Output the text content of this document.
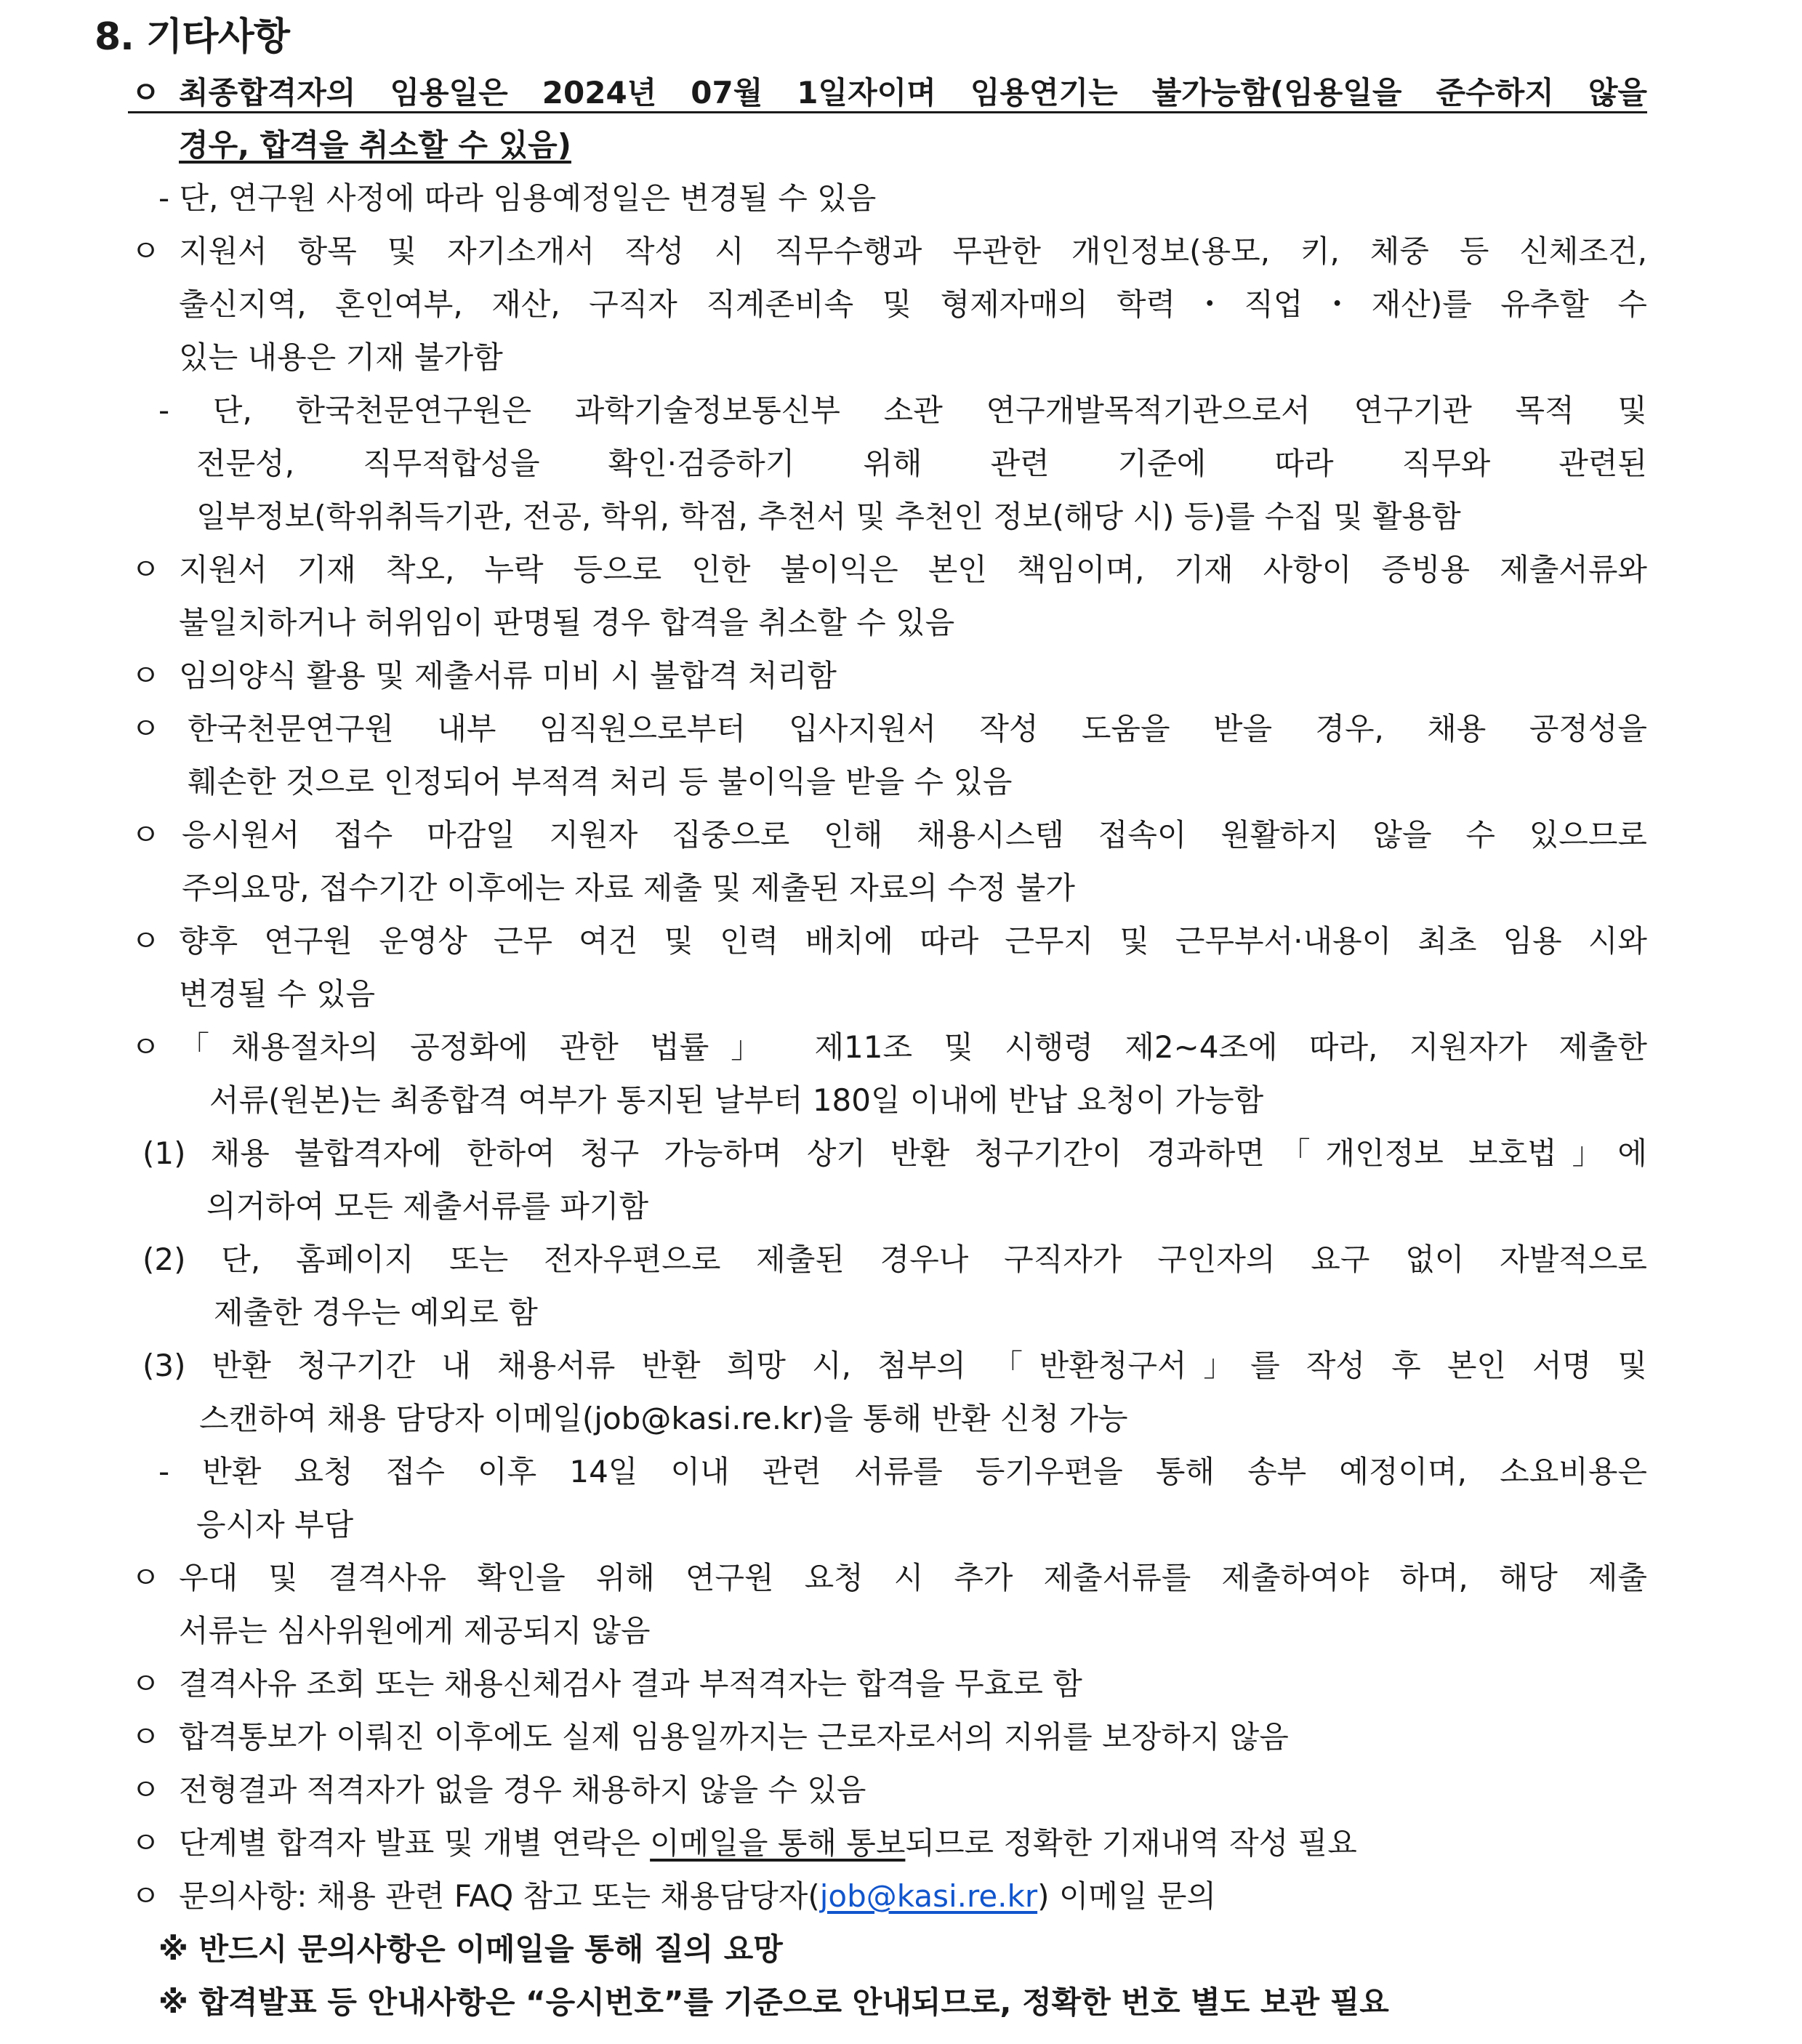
8. 기타사항
ㅇ 최종합격자의 임용일은 2024년 07월 1일자이며 임용연기는 불가능함(임용일을 준수하지 않을
경우, 합격을 취소할 수 있음)
- 단, 연구원 사정에 따라 임용예정일은 변경될 수 있음
ㅇ 지원서 항목 및 자기소개서 작성 시 직무수행과 무관한 개인정보(용모, 키, 체중 등 신체조건,
출신지역, 혼인여부, 재산, 구직자 직계존비속 및 형제자매의 학력・직업・재산)를 유추할 수
있는 내용은 기재 불가함
- 단, 한국천문연구원은 과학기술정보통신부 소관 연구개발목적기관으로서 연구기관 목적 및
전문성, 직무적합성을 확인·검증하기 위해 관련 기준에 따라 직무와 관련된
일부정보(학위취득기관, 전공, 학위, 학점, 추천서 및 추천인 정보(해당 시) 등)를 수집 및 활용함
ㅇ 지원서 기재 착오, 누락 등으로 인한 불이익은 본인 책임이며, 기재 사항이 증빙용 제출서류와
불일치하거나 허위임이 판명될 경우 합격을 취소할 수 있음
ㅇ 임의양식 활용 및 제출서류 미비 시 불합격 처리함
ㅇ 한국천문연구원 내부 임직원으로부터 입사지원서 작성 도움을 받을 경우, 채용 공정성을
훼손한 것으로 인정되어 부적격 처리 등 불이익을 받을 수 있음
ㅇ 응시원서 접수 마감일 지원자 집중으로 인해 채용시스템 접속이 원활하지 않을 수 있으므로
주의요망, 접수기간 이후에는 자료 제출 및 제출된 자료의 수정 불가
ㅇ 향후 연구원 운영상 근무 여건 및 인력 배치에 따라 근무지 및 근무부서·내용이 최초 임용 시와
변경될 수 있음
ㅇ 「채용절차의 공정화에 관한 법률」 제11조 및 시행령 제2~4조에 따라, 지원자가 제출한
서류(원본)는 최종합격 여부가 통지된 날부터 180일 이내에 반납 요청이 가능함
(1) 채용 불합격자에 한하여 청구 가능하며 상기 반환 청구기간이 경과하면「개인정보 보호법」에
의거하여 모든 제출서류를 파기함
(2) 단, 홈페이지 또는 전자우편으로 제출된 경우나 구직자가 구인자의 요구 없이 자발적으로
제출한 경우는 예외로 함
(3) 반환 청구기간 내 채용서류 반환 희망 시, 첨부의 「반환청구서」를 작성 후 본인 서명 및
스캔하여 채용 담당자 이메일(job@kasi.re.kr)을 통해 반환 신청 가능
- 반환 요청 접수 이후 14일 이내 관련 서류를 등기우편을 통해 송부 예정이며, 소요비용은
응시자 부담
ㅇ 우대 및 결격사유 확인을 위해 연구원 요청 시 추가 제출서류를 제출하여야 하며, 해당 제출
서류는 심사위원에게 제공되지 않음
ㅇ 결격사유 조회 또는 채용신체검사 결과 부적격자는 합격을 무효로 함
ㅇ 합격통보가 이뤄진 이후에도 실제 임용일까지는 근로자로서의 지위를 보장하지 않음
ㅇ 전형결과 적격자가 없을 경우 채용하지 않을 수 있음
ㅇ 단계별 합격자 발표 및 개별 연락은 이메일을 통해 통보되므로 정확한 기재내역 작성 필요
ㅇ 문의사항: 채용 관련 FAQ 참고 또는 채용담당자(job@kasi.re.kr) 이메일 문의
※ 반드시 문의사항은 이메일을 통해 질의 요망
※ 합격발표 등 안내사항은 “응시번호”를 기준으로 안내되므로, 정확한 번호 별도 보관 필요
